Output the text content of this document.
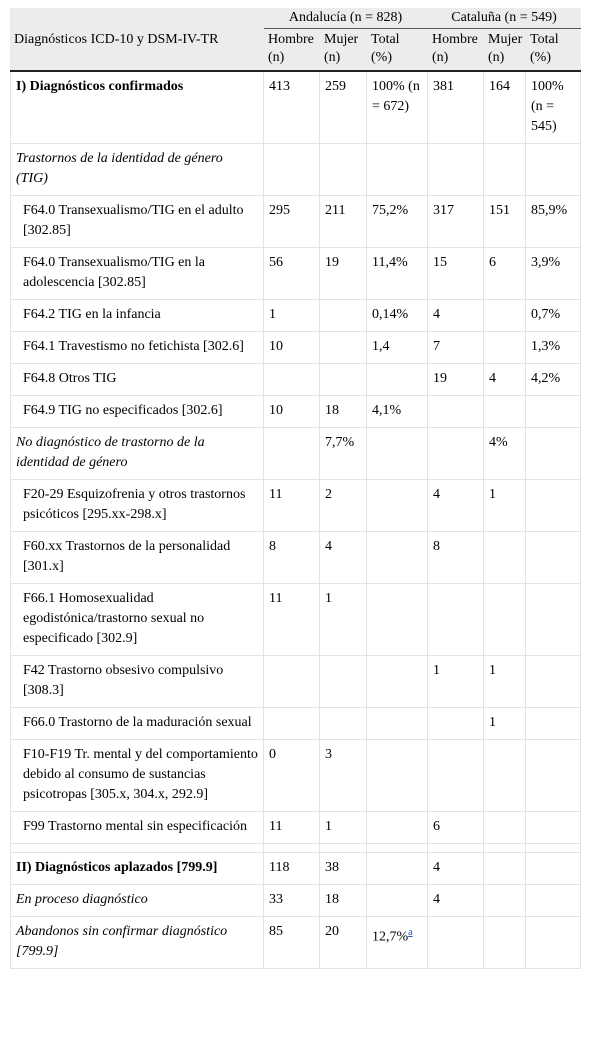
Diagnósticos ICD-10 y DSM-IV-TR	Andalucía (n = 828)			Cataluña (n = 549)		
	Hombre (n)	Mujer (n)	Total (%)	Hombre (n)	Mujer (n)	Total (%)
I) Diagnósticos confirmados	413	259	100% (n = 672)	381	164	100% (n = 545)
Trastornos de la identidad de género (TIG)						
F64.0 Transexualismo/TIG en el adulto [302.85]	295	211	75,2%	317	151	85,9%
F64.0 Transexualismo/TIG en la adolescencia [302.85]	56	19	11,4%	15	6	3,9%
F64.2 TIG en la infancia	1		0,14%	4		0,7%
F64.1 Travestismo no fetichista [302.6]	10		1,4	7		1,3%
F64.8 Otros TIG				19	4	4,2%
F64.9 TIG no especificados [302.6]	10	18	4,1%			
No diagnóstico de trastorno de la identidad de género		7,7%			4%	
F20-29 Esquizofrenia y otros trastornos psicóticos [295.xx-298.x]	11	2		4	1	
F60.xx Trastornos de la personalidad [301.x]	8	4		8		
F66.1 Homosexualidad egodistónica/trastorno sexual no especificado [302.9]	11	1				
F42 Trastorno obsesivo compulsivo [308.3]				1	1	
F66.0 Trastorno de la maduración sexual					1	
F10-F19 Tr. mental y del comportamiento debido al consumo de sustancias psicotropas [305.x, 304.x, 292.9]	0	3				
F99 Trastorno mental sin especificación	11	1		6		

II) Diagnósticos aplazados [799.9]	118	38		4		
En proceso diagnóstico	33	18		4		
Abandonos sin confirmar diagnóstico [799.9]	85	20	12,7%$^a$			
